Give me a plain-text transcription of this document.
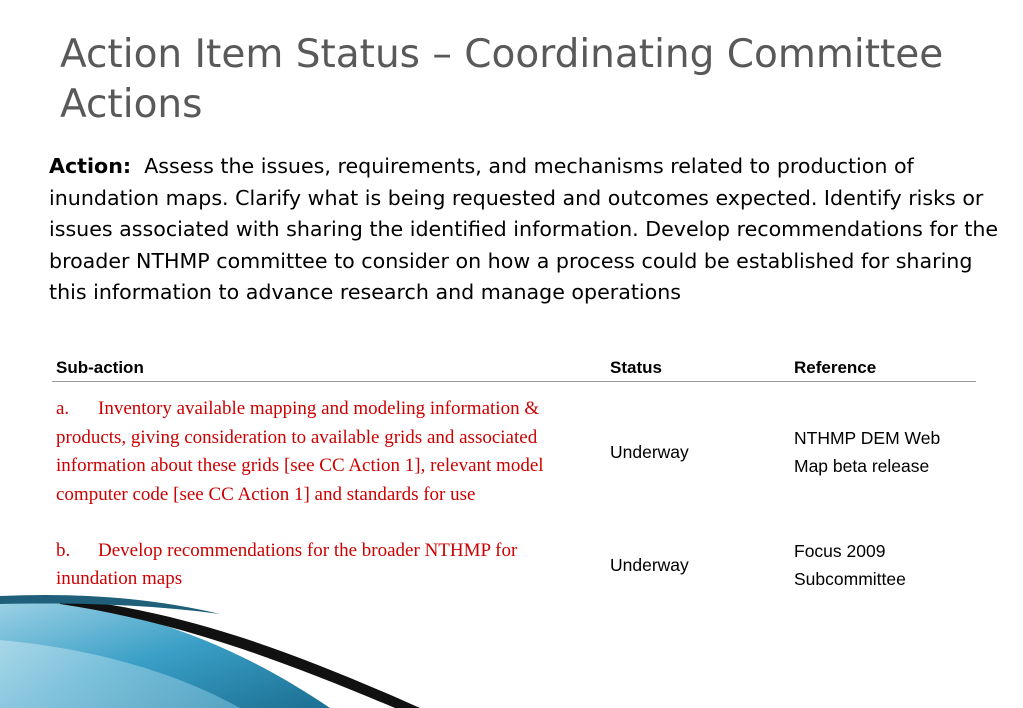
Action Item Status – Coordinating Committee Actions
Action: Assess the issues, requirements, and mechanisms related to production of inundation maps. Clarify what is being requested and outcomes expected. Identify risks or issues associated with sharing the identified information. Develop recommendations for the broader NTHMP committee to consider on how a process could be established for sharing this information to advance research and manage operations
Sub-action	Status	Reference
a. Inventory available mapping and modeling information & products, giving consideration to available grids and associated information about these grids [see CC Action 1], relevant model computer code [see CC Action 1] and standards for use	Underway	NTHMP DEM Web Map beta release
b. Develop recommendations for the broader NTHMP for inundation maps	Underway	Focus 2009 Subcommittee
